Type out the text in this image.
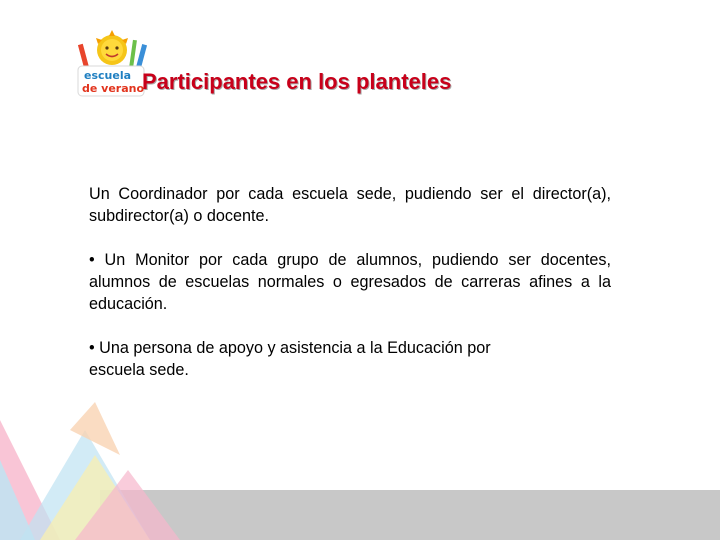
escuela
de verano
Participantes en los planteles

Un Coordinador por cada escuela sede, pudiendo ser el director(a), subdirector(a) o docente.

• Un Monitor por cada grupo de alumnos, pudiendo ser docentes, alumnos de escuelas normales o egresados de carreras afines a la educación.

• Una persona de apoyo y asistencia a la Educación por escuela sede.
